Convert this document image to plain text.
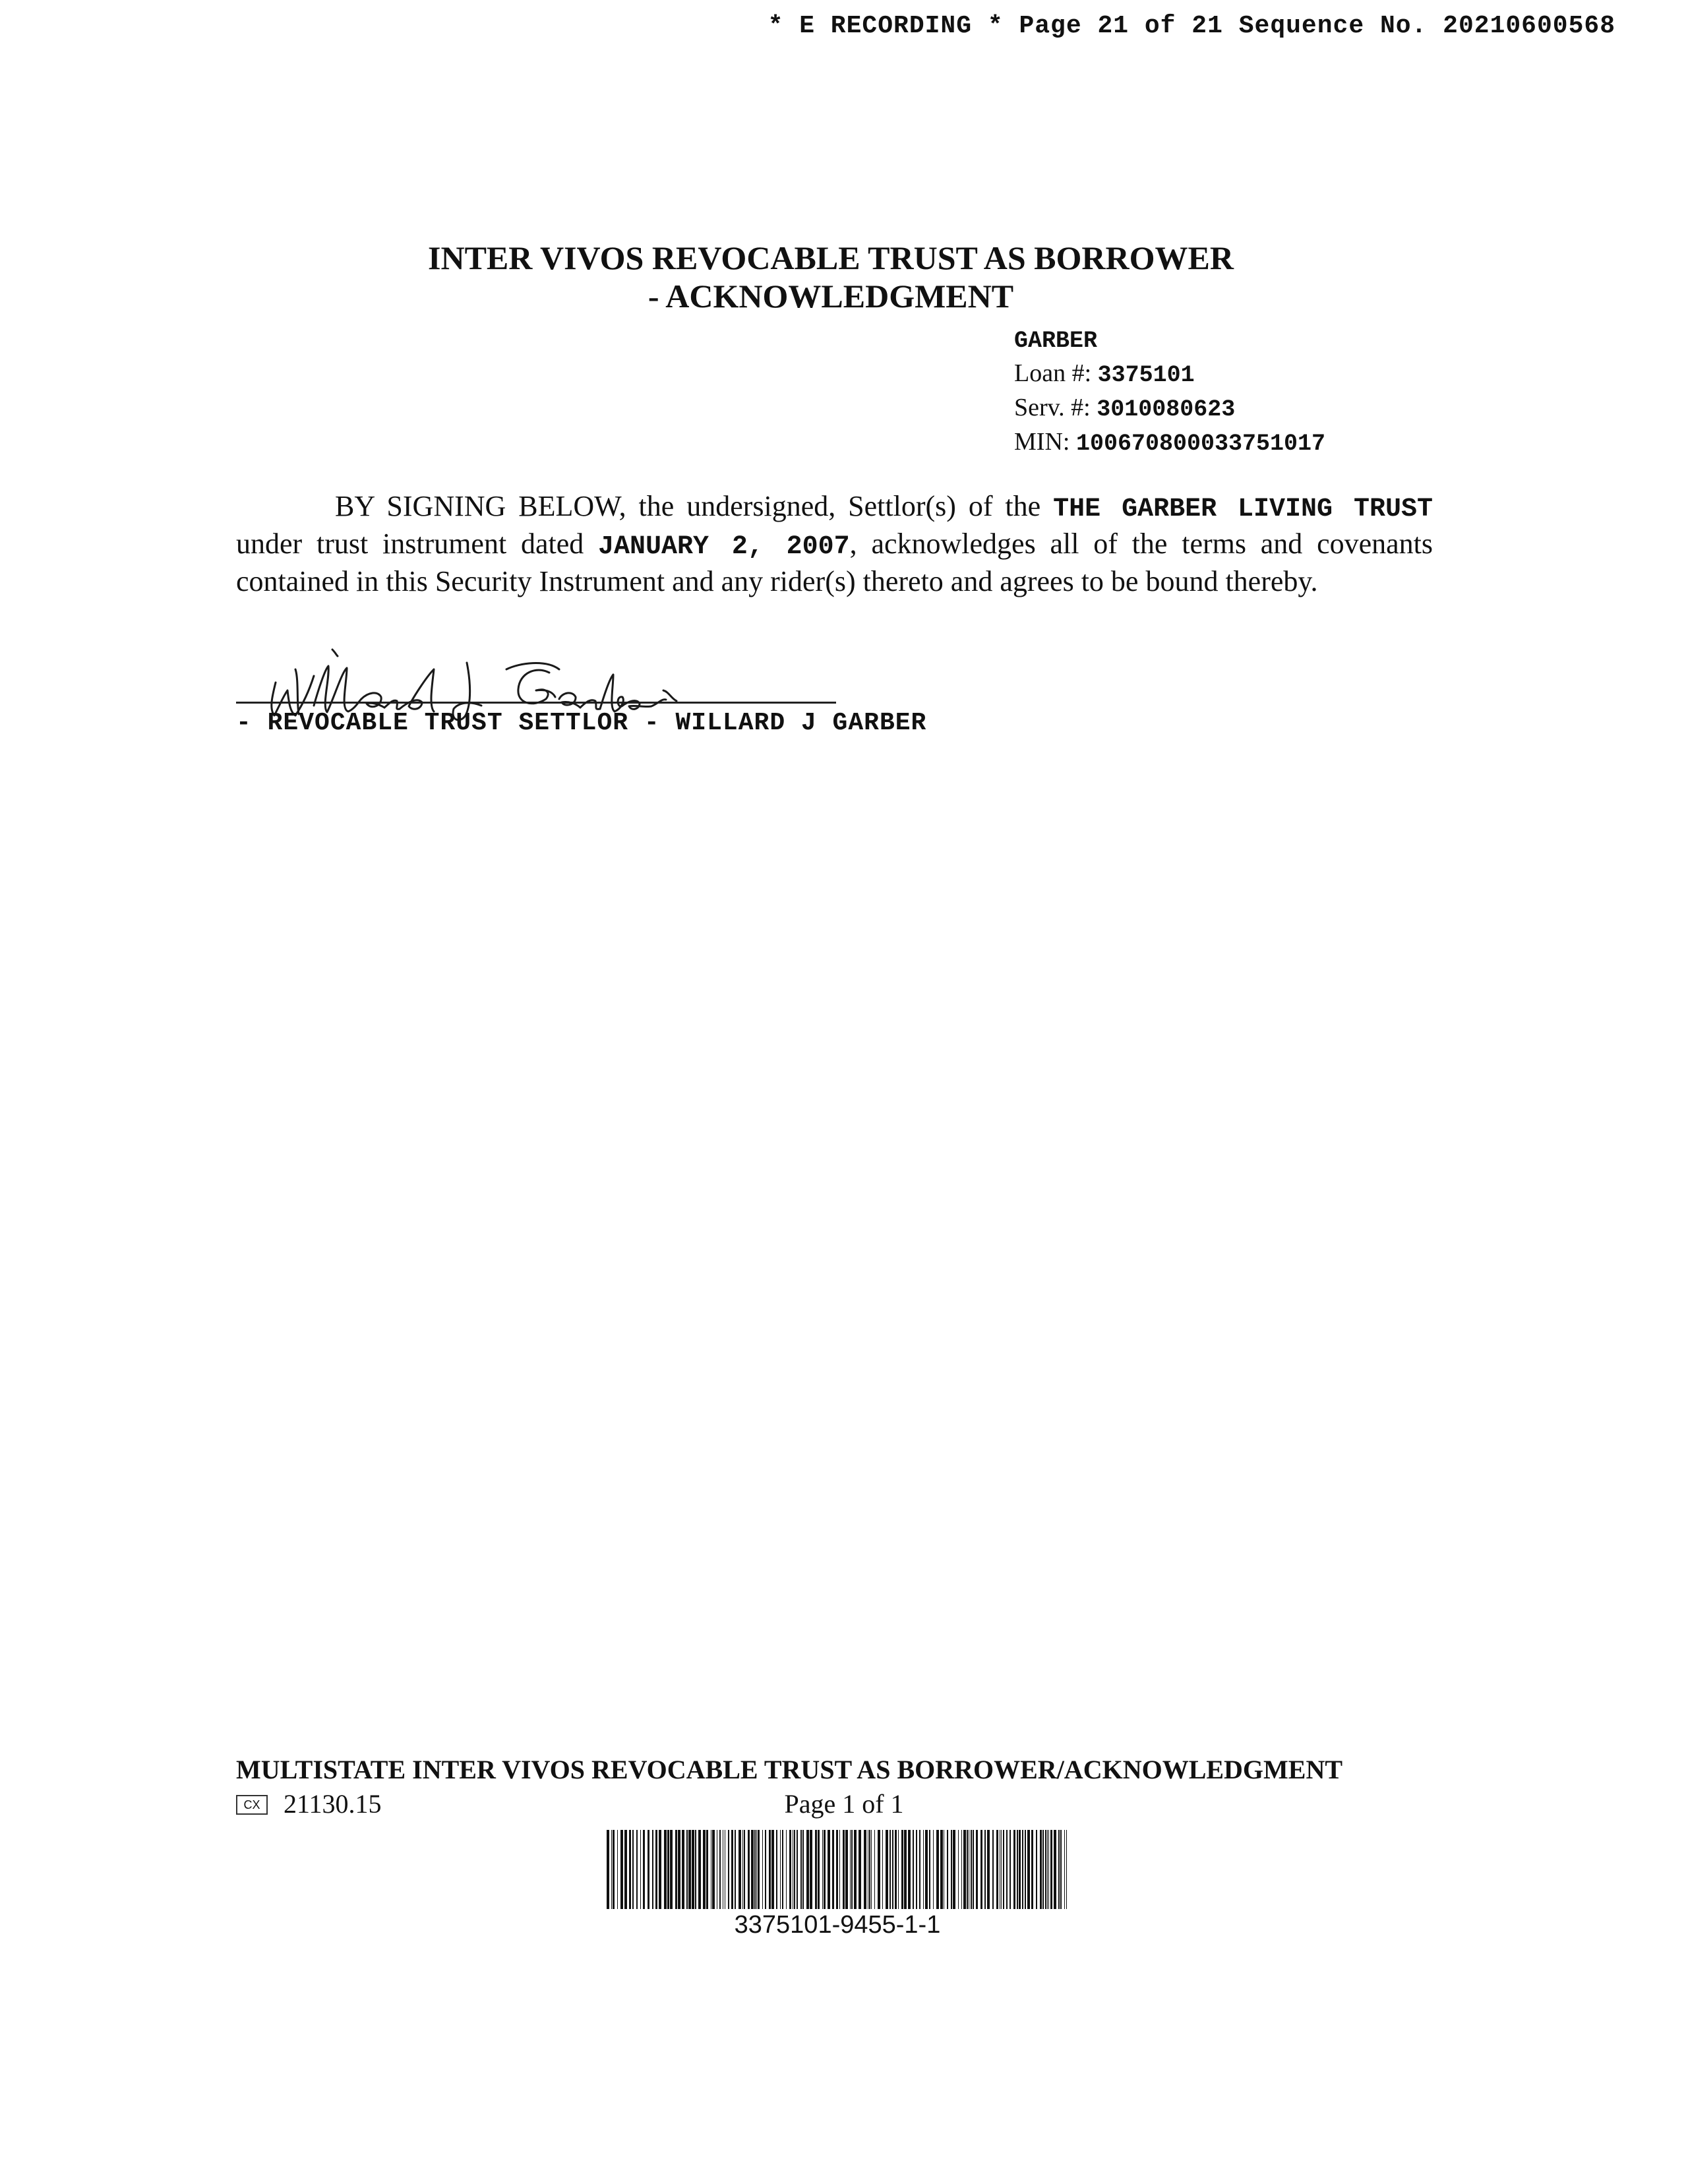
* E RECORDING * Page 21 of 21 Sequence No. 20210600568
INTER VIVOS REVOCABLE TRUST AS BORROWER
- ACKNOWLEDGMENT
GARBER
Loan #: 3375101
Serv. #: 3010080623
MIN: 100670800033751017
BY SIGNING BELOW, the undersigned, Settlor(s) of the THE GARBER LIVING TRUST under trust instrument dated JANUARY 2, 2007, acknowledges all of the terms and covenants contained in this Security Instrument and any rider(s) thereto and agrees to be bound thereby.
- REVOCABLE TRUST SETTLOR - WILLARD J GARBER
MULTISTATE INTER VIVOS REVOCABLE TRUST AS BORROWER/ACKNOWLEDGMENT
CX 21130.15	Page 1 of 1
3375101-9455-1-1
